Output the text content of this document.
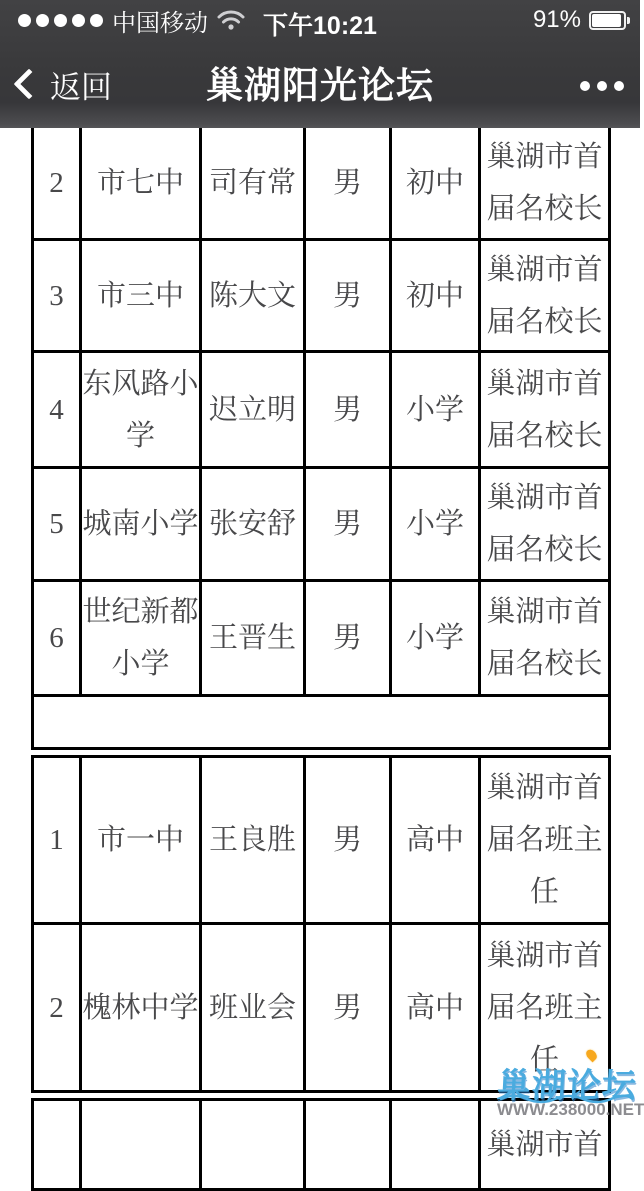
中国移动 下午10:21	91%
返回	巢湖阳光论坛
2	市七中	司有常	男	初中	巢湖市首届名校长
3	市三中	陈大文	男	初中	巢湖市首届名校长
4	东风路小学	迟立明	男	小学	巢湖市首届名校长
5	城南小学	张安舒	男	小学	巢湖市首届名校长
6	世纪新都小学	王晋生	男	小学	巢湖市首届名校长

1	市一中	王良胜	男	高中	巢湖市首届名班主任
2	槐林中学	班业会	男	高中	巢湖市首届名班主任
					巢湖市首
巢湖论坛
WWW.238000.NET
